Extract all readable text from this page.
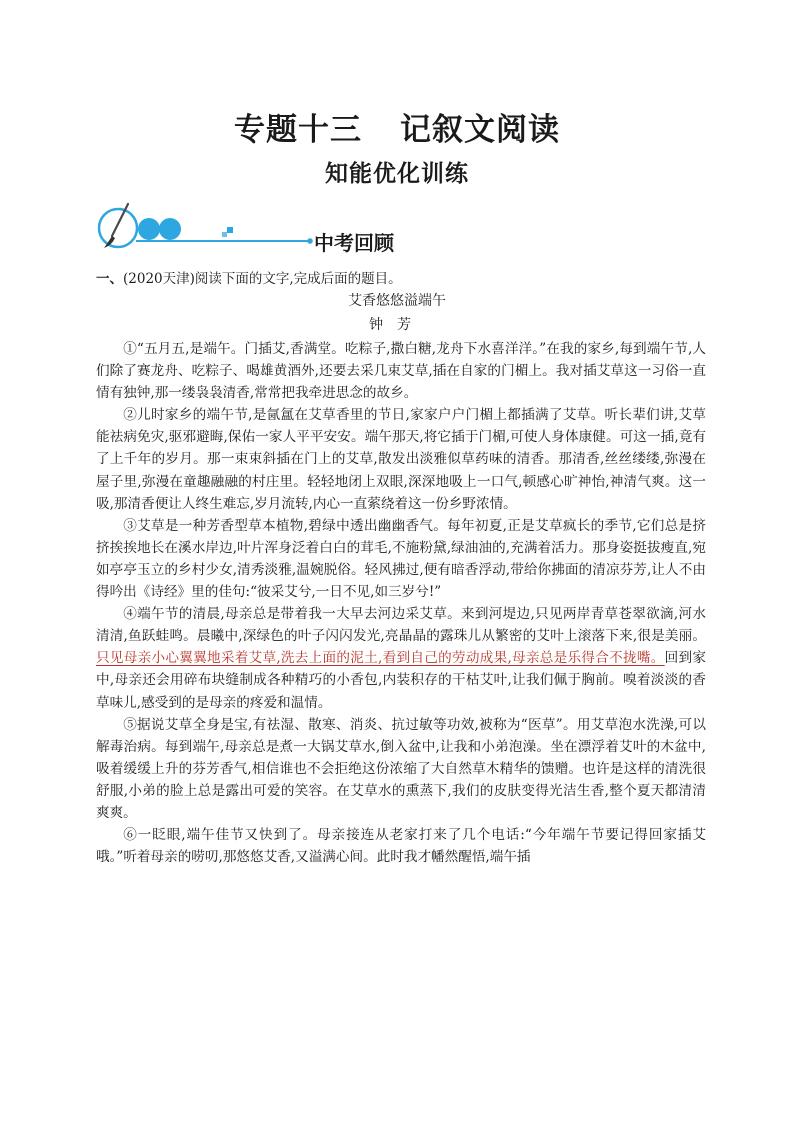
专题十三 记叙文阅读
知能优化训练
中考回顾
一、(2020天津)阅读下面的文字,完成后面的题目。
艾香悠悠溢端午
钟芳

①“五月五,是端午。门插艾,香满堂。吃粽子,撒白糖,龙舟下水喜洋洋。”在我的家乡,每到端午节,人们除了赛龙舟、吃粽子、喝雄黄酒外,还要去采几束艾草,插在自家的门楣上。我对插艾草这一习俗一直情有独钟,那一缕袅袅清香,常常把我牵进思念的故乡。

②儿时家乡的端午节,是氤氲在艾草香里的节日,家家户户门楣上都插满了艾草。听长辈们讲,艾草能祛病免灾,驱邪避晦,保佑一家人平平安安。端午那天,将它插于门楣,可使人身体康健。可这一插,竟有了上千年的岁月。那一束束斜插在门上的艾草,散发出淡雅似草药味的清香。那清香,丝丝缕缕,弥漫在屋子里,弥漫在童趣融融的村庄里。轻轻地闭上双眼,深深地吸上一口气,顿感心旷神怡,神清气爽。这一吸,那清香便让人终生难忘,岁月流转,内心一直萦绕着这一份乡野浓情。

③艾草是一种芳香型草本植物,碧绿中透出幽幽香气。每年初夏,正是艾草疯长的季节,它们总是挤挤挨挨地长在溪水岸边,叶片浑身泛着白白的茸毛,不施粉黛,绿油油的,充满着活力。那身姿挺拔瘦直,宛如亭亭玉立的乡村少女,清秀淡雅,温婉脱俗。轻风拂过,便有暗香浮动,带给你拂面的清凉芬芳,让人不由得吟出《诗经》里的佳句:“彼采艾兮,一日不见,如三岁兮!”

④端午节的清晨,母亲总是带着我一大早去河边采艾草。来到河堤边,只见两岸青草苍翠欲滴,河水清清,鱼跃蛙鸣。晨曦中,深绿色的叶子闪闪发光,亮晶晶的露珠儿从繁密的艾叶上滚落下来,很是美丽。只见母亲小心翼翼地采着艾草,洗去上面的泥土,看到自己的劳动成果,母亲总是乐得合不拢嘴。回到家中,母亲还会用碎布块缝制成各种精巧的小香包,内装积存的干枯艾叶,让我们佩于胸前。嗅着淡淡的香草味儿,感受到的是母亲的疼爱和温情。

⑤据说艾草全身是宝,有祛湿、散寒、消炎、抗过敏等功效,被称为“医草”。用艾草泡水洗澡,可以解毒治病。每到端午,母亲总是煮一大锅艾草水,倒入盆中,让我和小弟泡澡。坐在漂浮着艾叶的木盆中,吸着缓缓上升的芬芳香气,相信谁也不会拒绝这份浓缩了大自然草木精华的馈赠。也许是这样的清洗很舒服,小弟的脸上总是露出可爱的笑容。在艾草水的熏蒸下,我们的皮肤变得光洁生香,整个夏天都清清爽爽。

⑥一眨眼,端午佳节又快到了。母亲接连从老家打来了几个电话:“今年端午节要记得回家插艾哦。”听着母亲的唠叨,那悠悠艾香,又溢满心间。此时我才幡然醒悟,端午插
